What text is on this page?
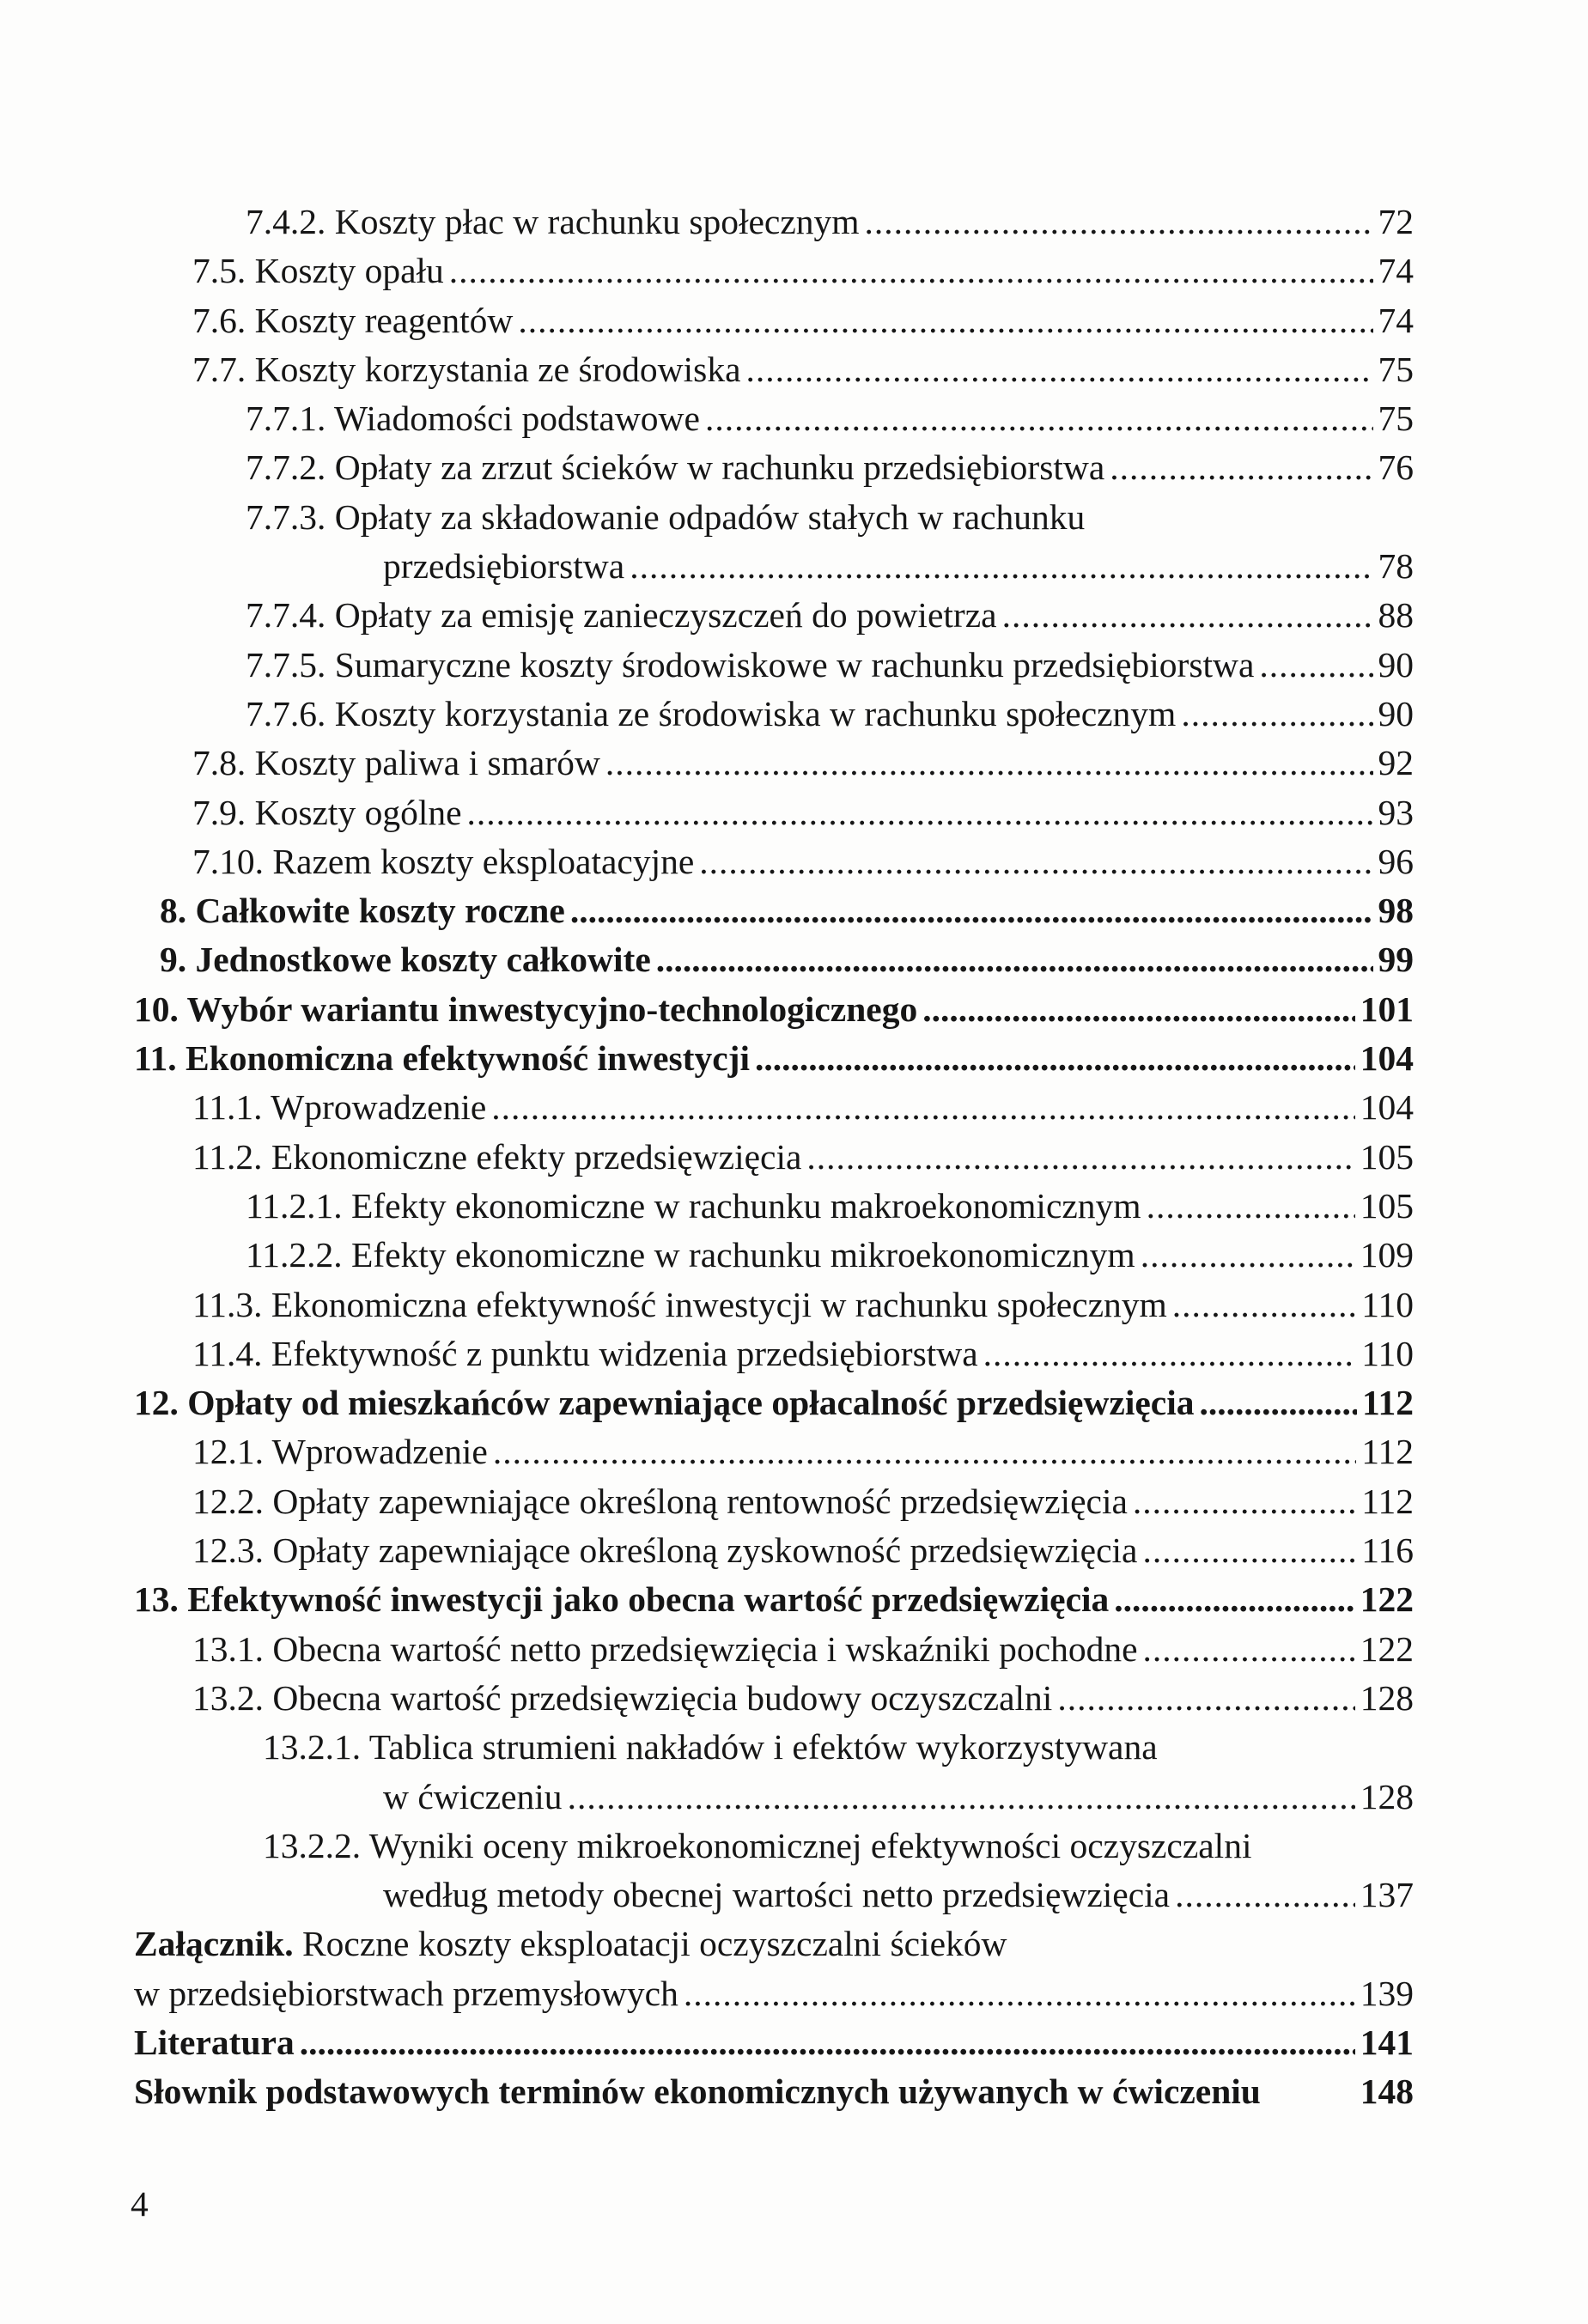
7.4.2. Koszty płac w rachunku społecznym .....	72
7.5. Koszty opału .....	74
7.6. Koszty reagentów .....	74
7.7. Koszty korzystania ze środowiska .....	75
7.7.1. Wiadomości podstawowe .....	75
7.7.2. Opłaty za zrzut ścieków w rachunku przedsiębiorstwa .....	76
7.7.3. Opłaty za składowanie odpadów stałych w rachunku
przedsiębiorstwa .....	78
7.7.4. Opłaty za emisję zanieczyszczeń do powietrza .....	88
7.7.5. Sumaryczne koszty środowiskowe w rachunku przedsiębiorstwa .....	90
7.7.6. Koszty korzystania ze środowiska w rachunku społecznym .....	90
7.8. Koszty paliwa i smarów .....	92
7.9. Koszty ogólne .....	93
7.10. Razem koszty eksploatacyjne .....	96
8. Całkowite koszty roczne .....	98
9. Jednostkowe koszty całkowite .....	99
10. Wybór wariantu inwestycyjno-technologicznego .....	101
11. Ekonomiczna efektywność inwestycji .....	104
11.1. Wprowadzenie .....	104
11.2. Ekonomiczne efekty przedsięwzięcia .....	105
11.2.1. Efekty ekonomiczne w rachunku makroekonomicznym .....	105
11.2.2. Efekty ekonomiczne w rachunku mikroekonomicznym .....	109
11.3. Ekonomiczna efektywność inwestycji w rachunku społecznym .....	110
11.4. Efektywność z punktu widzenia przedsiębiorstwa .....	110
12. Opłaty od mieszkańców zapewniające opłacalność przedsięwzięcia .....	112
12.1. Wprowadzenie .....	112
12.2. Opłaty zapewniające określoną rentowność przedsięwzięcia .....	112
12.3. Opłaty zapewniające określoną zyskowność przedsięwzięcia .....	116
13. Efektywność inwestycji jako obecna wartość przedsięwzięcia .....	122
13.1. Obecna wartość netto przedsięwzięcia i wskaźniki pochodne .....	122
13.2. Obecna wartość przedsięwzięcia budowy oczyszczalni .....	128
13.2.1. Tablica strumieni nakładów i efektów wykorzystywana
w ćwiczeniu .....	128
13.2.2. Wyniki oceny mikroekonomicznej efektywności oczyszczalni
według metody obecnej wartości netto przedsięwzięcia .....	137
Załącznik. Roczne koszty eksploatacji oczyszczalni ścieków
w przedsiębiorstwach przemysłowych .....	139
Literatura .....	141
Słownik podstawowych terminów ekonomicznych używanych w ćwiczeniu	148
4
